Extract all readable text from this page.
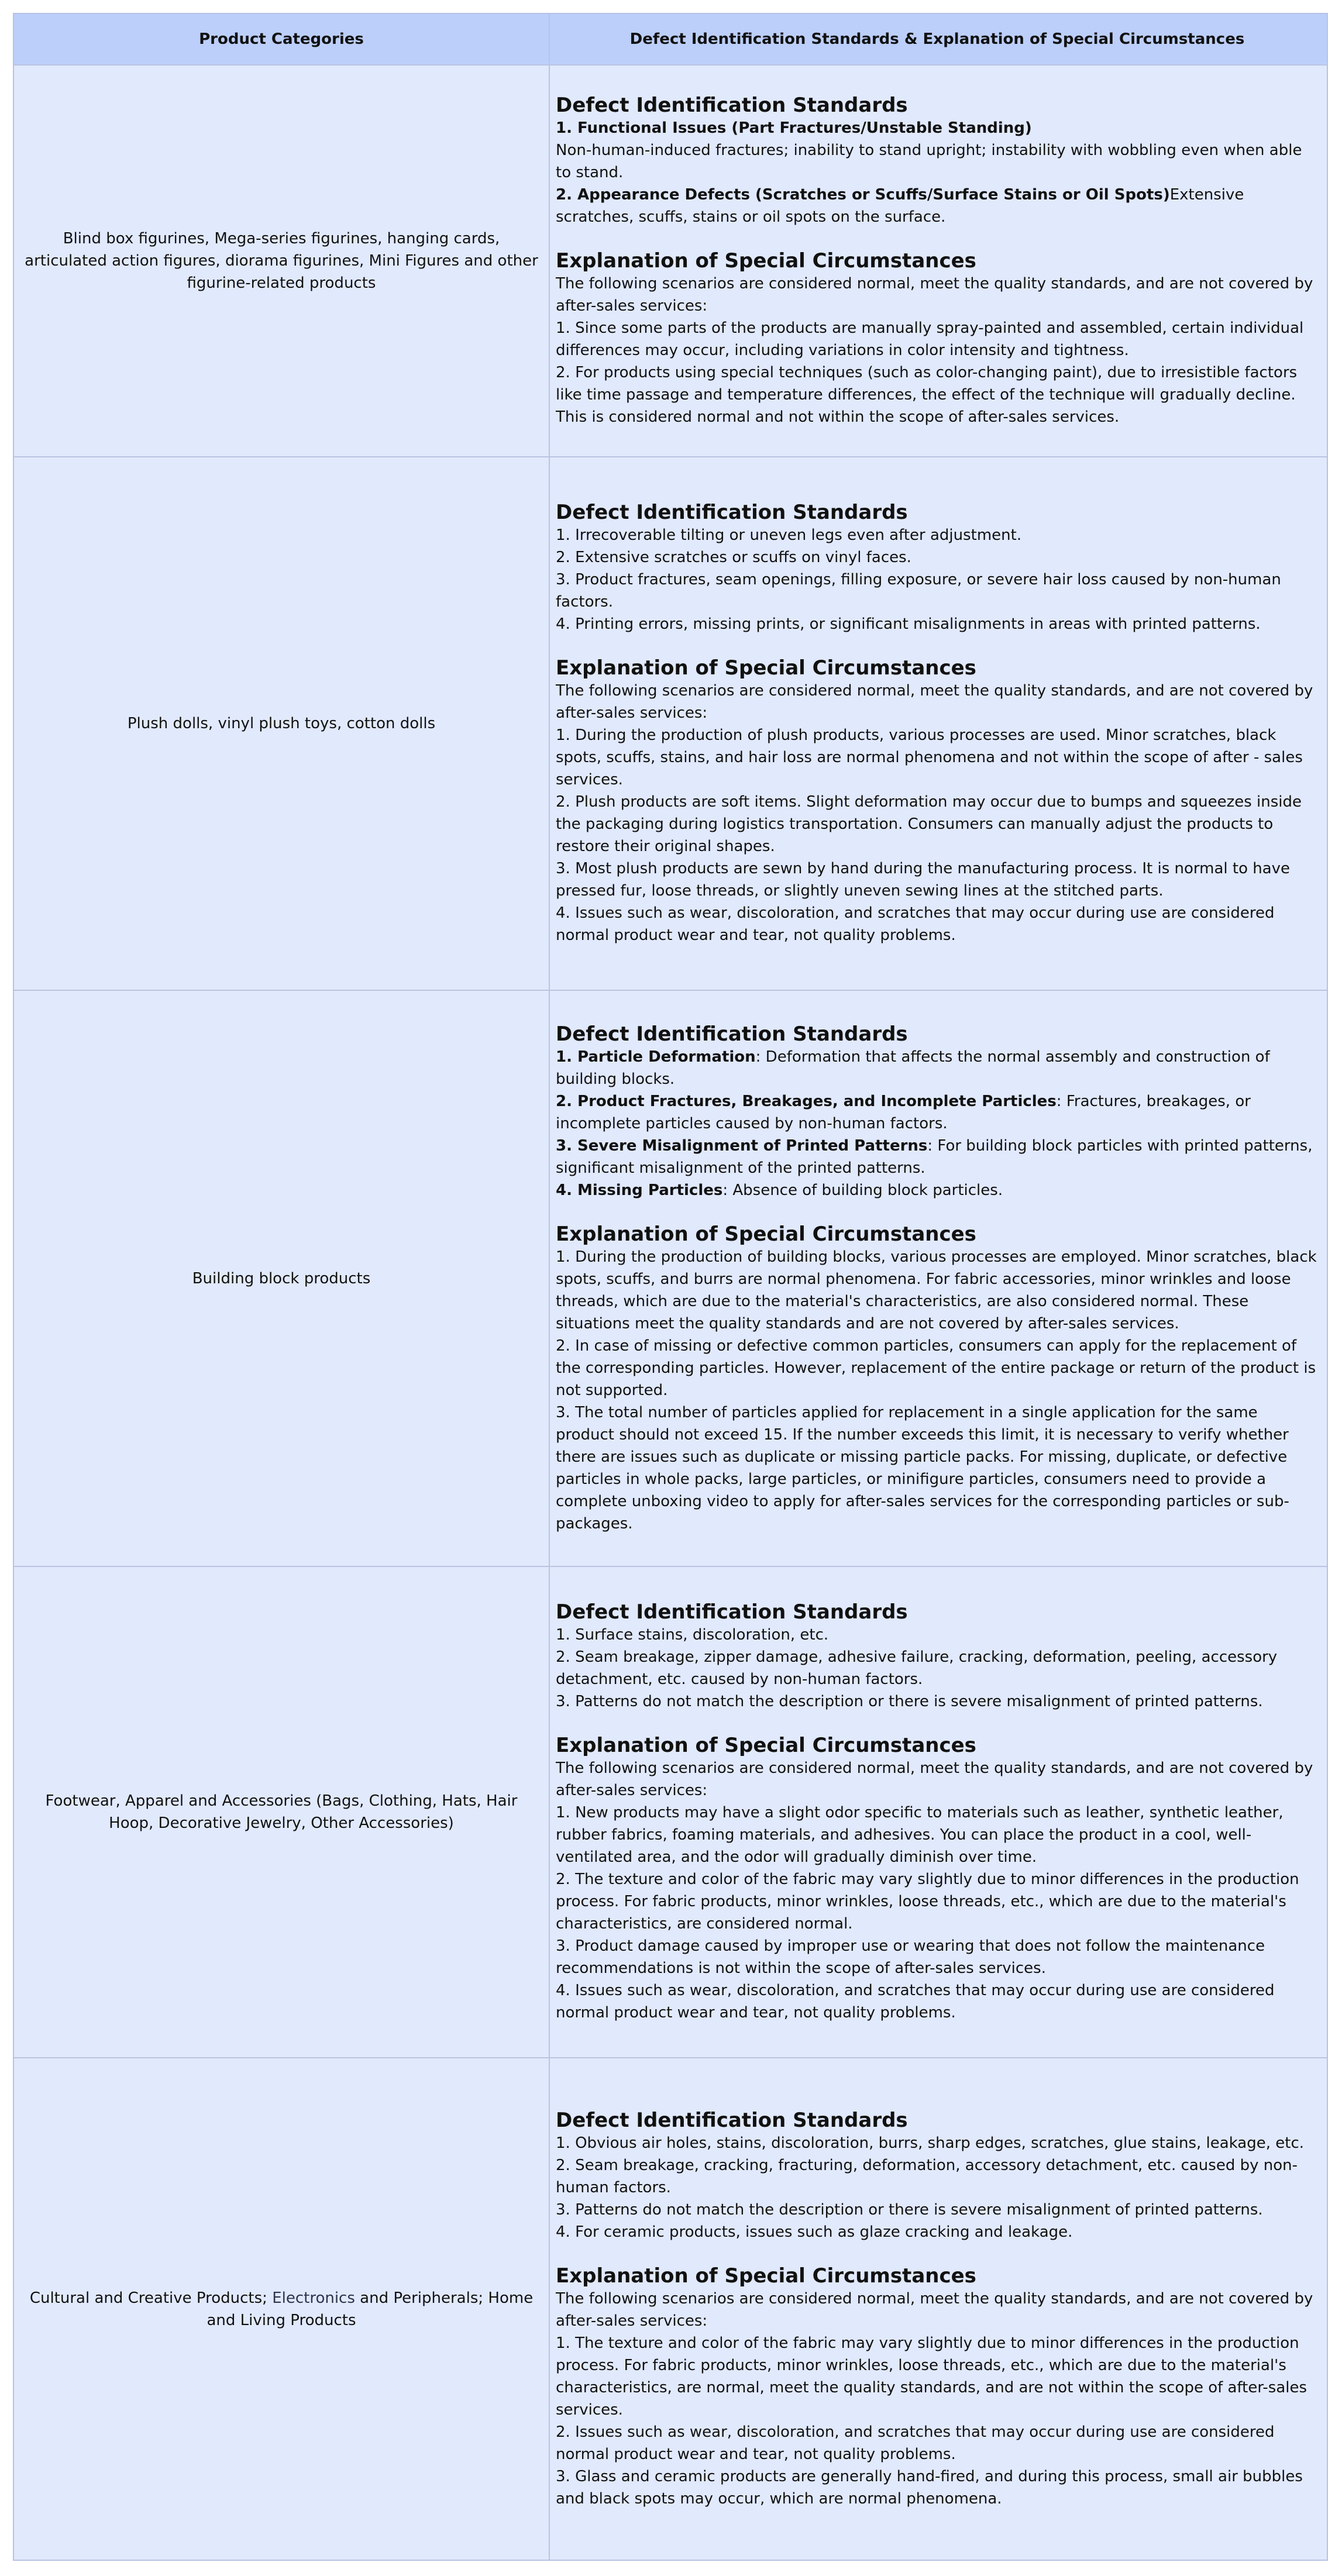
Product Categories	Defect Identification Standards & Explanation of Special Circumstances
Blind box figurines, Mega-series figurines, hanging cards, articulated action figures, diorama figurines, Mini Figures and other figurine-related products

Defect Identification Standards

1. Functional Issues (Part Fractures/Unstable Standing)

Non-human-induced fractures; inability to stand upright; instability with wobbling even when able to stand.

2. Appearance Defects (Scratches or Scuffs/Surface Stains or Oil Spots)Extensive scratches, scuffs, stains or oil spots on the surface.

Explanation of Special Circumstances

The following scenarios are considered normal, meet the quality standards, and are not covered by after-sales services:

1. Since some parts of the products are manually spray-painted and assembled, certain individual differences may occur, including variations in color intensity and tightness.

2. For products using special techniques (such as color-changing paint), due to irresistible factors like time passage and temperature differences, the effect of the technique will gradually decline. This is considered normal and not within the scope of after-sales services.

Plush dolls, vinyl plush toys, cotton dolls

Defect Identification Standards

1. Irrecoverable tilting or uneven legs even after adjustment.

2. Extensive scratches or scuffs on vinyl faces.

3. Product fractures, seam openings, filling exposure, or severe hair loss caused by non-human factors.

4. Printing errors, missing prints, or significant misalignments in areas with printed patterns.

Explanation of Special Circumstances

The following scenarios are considered normal, meet the quality standards, and are not covered by after-sales services:

1. During the production of plush products, various processes are used. Minor scratches, black spots, scuffs, stains, and hair loss are normal phenomena and not within the scope of after - sales services.

2. Plush products are soft items. Slight deformation may occur due to bumps and squeezes inside the packaging during logistics transportation. Consumers can manually adjust the products to restore their original shapes.

3. Most plush products are sewn by hand during the manufacturing process. It is normal to have pressed fur, loose threads, or slightly uneven sewing lines at the stitched parts.

4. Issues such as wear, discoloration, and scratches that may occur during use are considered normal product wear and tear, not quality problems.

Building block products

Defect Identification Standards

1. Particle Deformation: Deformation that affects the normal assembly and construction of building blocks.

2. Product Fractures, Breakages, and Incomplete Particles: Fractures, breakages, or incomplete particles caused by non-human factors.

3. Severe Misalignment of Printed Patterns: For building block particles with printed patterns, significant misalignment of the printed patterns.

4. Missing Particles: Absence of building block particles.

Explanation of Special Circumstances

1. During the production of building blocks, various processes are employed. Minor scratches, black spots, scuffs, and burrs are normal phenomena. For fabric accessories, minor wrinkles and loose threads, which are due to the material's characteristics, are also considered normal. These situations meet the quality standards and are not covered by after-sales services.

2. In case of missing or defective common particles, consumers can apply for the replacement of the corresponding particles. However, replacement of the entire package or return of the product is not supported.

3. The total number of particles applied for replacement in a single application for the same product should not exceed 15. If the number exceeds this limit, it is necessary to verify whether there are issues such as duplicate or missing particle packs. For missing, duplicate, or defective particles in whole packs, large particles, or minifigure particles, consumers need to provide a complete unboxing video to apply for after-sales services for the corresponding particles or sub-packages.

Footwear, Apparel and Accessories (Bags, Clothing, Hats, Hair Hoop, Decorative Jewelry, Other Accessories)

Defect Identification Standards

1. Surface stains, discoloration, etc.

2. Seam breakage, zipper damage, adhesive failure, cracking, deformation, peeling, accessory detachment, etc. caused by non-human factors.

3. Patterns do not match the description or there is severe misalignment of printed patterns.

Explanation of Special Circumstances

The following scenarios are considered normal, meet the quality standards, and are not covered by after-sales services:

1. New products may have a slight odor specific to materials such as leather, synthetic leather, rubber fabrics, foaming materials, and adhesives. You can place the product in a cool, well-ventilated area, and the odor will gradually diminish over time.

2. The texture and color of the fabric may vary slightly due to minor differences in the production process. For fabric products, minor wrinkles, loose threads, etc., which are due to the material's characteristics, are considered normal.

3. Product damage caused by improper use or wearing that does not follow the maintenance recommendations is not within the scope of after-sales services.

4. Issues such as wear, discoloration, and scratches that may occur during use are considered normal product wear and tear, not quality problems.

Cultural and Creative Products; Electronics and Peripherals; Home and Living Products

Defect Identification Standards

1. Obvious air holes, stains, discoloration, burrs, sharp edges, scratches, glue stains, leakage, etc.

2. Seam breakage, cracking, fracturing, deformation, accessory detachment, etc. caused by non-human factors.

3. Patterns do not match the description or there is severe misalignment of printed patterns.

4. For ceramic products, issues such as glaze cracking and leakage.

Explanation of Special Circumstances

The following scenarios are considered normal, meet the quality standards, and are not covered by after-sales services:

1. The texture and color of the fabric may vary slightly due to minor differences in the production process. For fabric products, minor wrinkles, loose threads, etc., which are due to the material's characteristics, are normal, meet the quality standards, and are not within the scope of after-sales services.

2. Issues such as wear, discoloration, and scratches that may occur during use are considered normal product wear and tear, not quality problems.

3. Glass and ceramic products are generally hand-fired, and during this process, small air bubbles and black spots may occur, which are normal phenomena.
